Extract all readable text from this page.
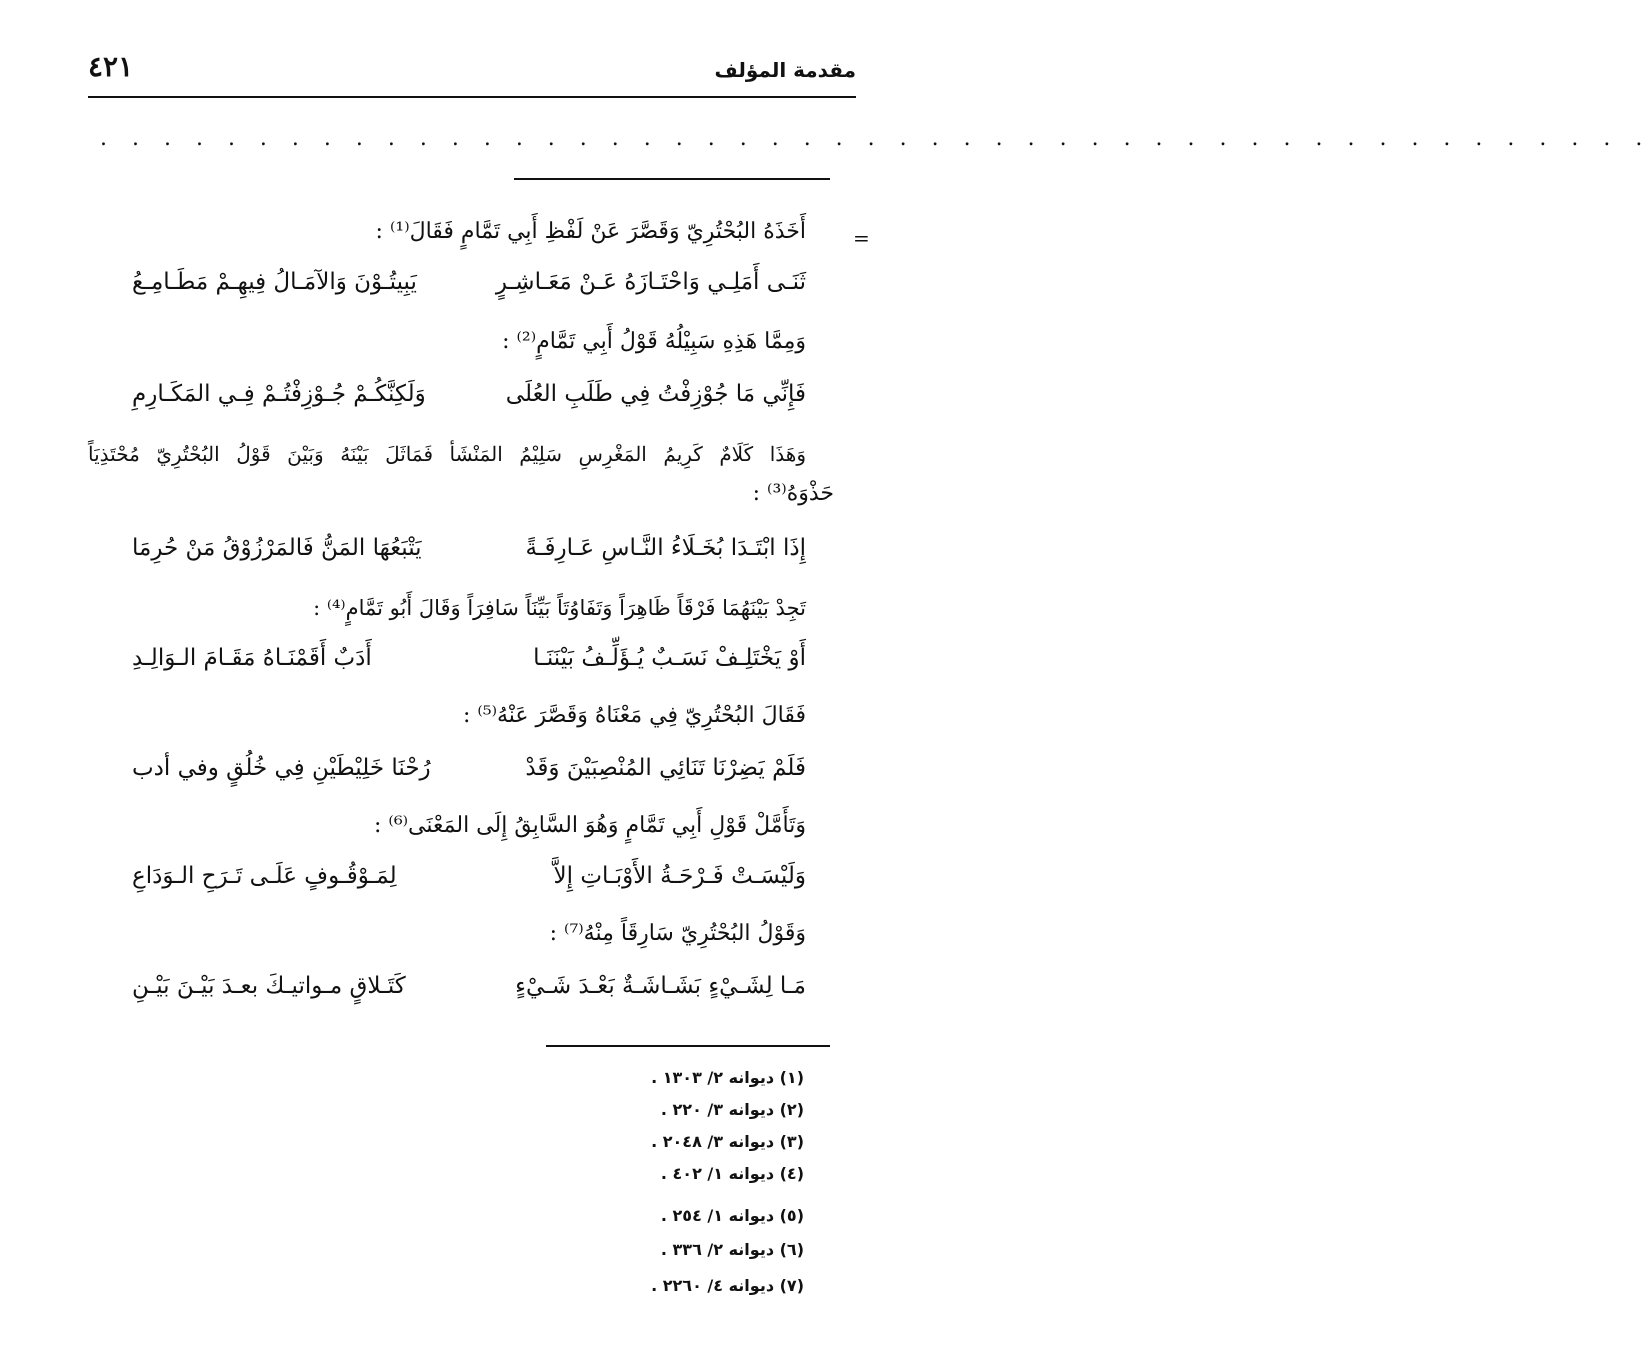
مقدمة المؤلف
٤٢١
. . . . . . . . . . . . . . . . . . . . . . . . . . . . . . . . . . . . . . . . . . . . . . . . .
=
أَخَذَهُ البُحْتُرِيّ وَقَصَّرَ عَنْ لَفْظِ أَبِي تَمَّامٍ فَقَالَ⁽¹⁾ :
ثَنَـى أَمَلِـي وَاحْتَـازَهُ عَـنْ مَعَـاشِـرٍ
يَبِيتُـوْنَ وَالآمَـالُ فِيهِـمْ مَطَـامِـعُ
وَمِمَّا هَذِهِ سَبِيْلُهُ قَوْلُ أَبِي تَمَّامٍ⁽²⁾ :
فَإِنِّي مَا جُوْزِفْتُ فِي طَلَبِ العُلَى
وَلَكِنَّكُـمْ جُـوْزِفْتُـمْ فِـي المَكَـارِمِ
وَهَذَا كَلَامٌ كَرِيمُ المَغْرِسِ سَلِيْمُ المَنْشَأ فَمَاثَلَ بَيْنَهُ وَبَيْنَ قَوْلُ البُحْتُرِيّ مُحْتَذِيَاً
حَذْوَهُ⁽³⁾ :
إِذَا ابْتَـدَا بُخَـلَاءُ النَّـاسِ عَـارِفَـةً
يَتْبَعُهَا المَنُّ فَالمَرْزُوْقُ مَنْ حُرِمَا
تَجِدْ بَيْنَهُمَا فَرْقَاً ظَاهِرَاً وَتَفَاوُتَاً بَيِّنَاً سَافِرَاً وَقَالَ أَبُو تَمَّامٍ⁽⁴⁾ :
أَوْ يَخْتَلِـفْ نَسَـبٌ يُـؤَلِّـفُ بَيْنَنَـا
أَدَبٌ أَقَمْنَـاهُ مَقَـامَ الـوَالِـدِ
فَقَالَ البُحْتُرِيّ فِي مَعْنَاهُ وَقَصَّرَ عَنْهُ⁽⁵⁾ :
فَلَمْ يَضِرْنَا تَنَائِي المُنْصِبَيْنَ وَقَدْ
رُحْنَا خَلِيْطَيْنِ فِي خُلُقٍ وفي أدب
وَتَأَمَّلْ قَوْلِ أَبِي تَمَّامٍ وَهُوَ السَّابِقُ إِلَى المَعْنَى⁽⁶⁾ :
وَلَيْسَـتْ فَـرْحَـةُ الأَوْبَـاتِ إِلاَّ
لِمَـوْقُـوفٍ عَلَـى تَـرَحِ الـوَدَاعِ
وَقَوْلُ البُحْتُرِيّ سَارِقَاً مِنْهُ⁽⁷⁾ :
مَـا لِشَـيْءٍ بَشَـاشَـةٌ بَعْـدَ شَـيْءٍ
كَتَـلاقٍ مـواتيـكَ بعـدَ بَيْـنَ بَيْـنِ
(١) ديوانه ٢/ ١٣٠٣ .
(٢) ديوانه ٣/ ٢٢٠ .
(٣) ديوانه ٣/ ٢٠٤٨ .
(٤) ديوانه ١/ ٤٠٢ .
(٥) ديوانه ١/ ٢٥٤ .
(٦) ديوانه ٢/ ٣٣٦ .
(٧) ديوانه ٤/ ٢٢٦٠ .
